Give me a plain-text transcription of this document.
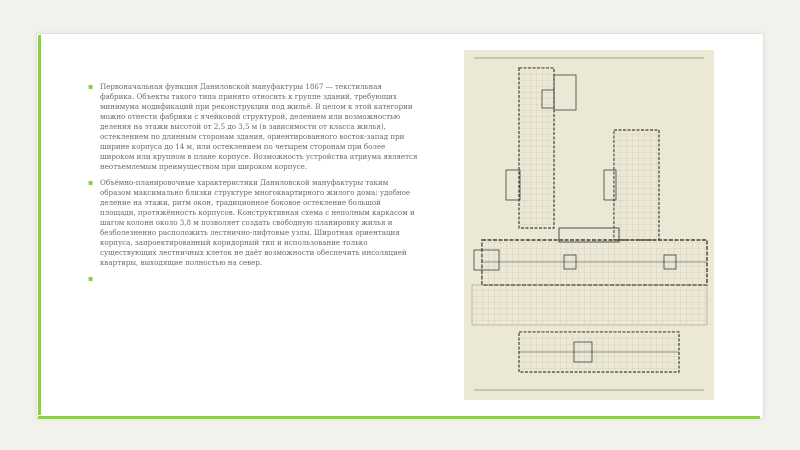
▪ Первоначальная функция Даниловской мануфактуры 1867 — текстильная фабрика. Объекты такого типа принято относить к группе зданий, требующих минимума модификаций при реконструкции под жильё. В целом к этой категории можно отнести фабрики с ячейковой структурой, делением или возможностью деления на этажи высотой от 2,5 до 3,5 м (в зависимости от класса жилья), остеклением по длинным сторонам здания, ориентированного восток-запад при ширине корпуса до 14 м, или остеклением по четырем сторонам при более широком или крупном в плане корпусе. Возможность устройства атриума является неотъемлемым преимуществом при широком корпусе.
▪ Объёмно-планировочные характеристики Даниловской мануфактуры таким образом максимально близки структуре многоквартирного жилого дома: удобное деление на этажи, ритм окон, традиционное боковое остекление большой площади, протяжённость корпусов. Конструктивная схема с неполным каркасом и шагом колонн около 3,8 м позволяет создать свободную планировку жилья и безболезненно расположить лестнично-лифтовые узлы. Широтная ориентация корпуса, запроектированный коридорный тип и использование только существующих лестничных клеток не даёт возможности обеспечить инсоляцией квартиры, выходящие полностью на север.
▪
